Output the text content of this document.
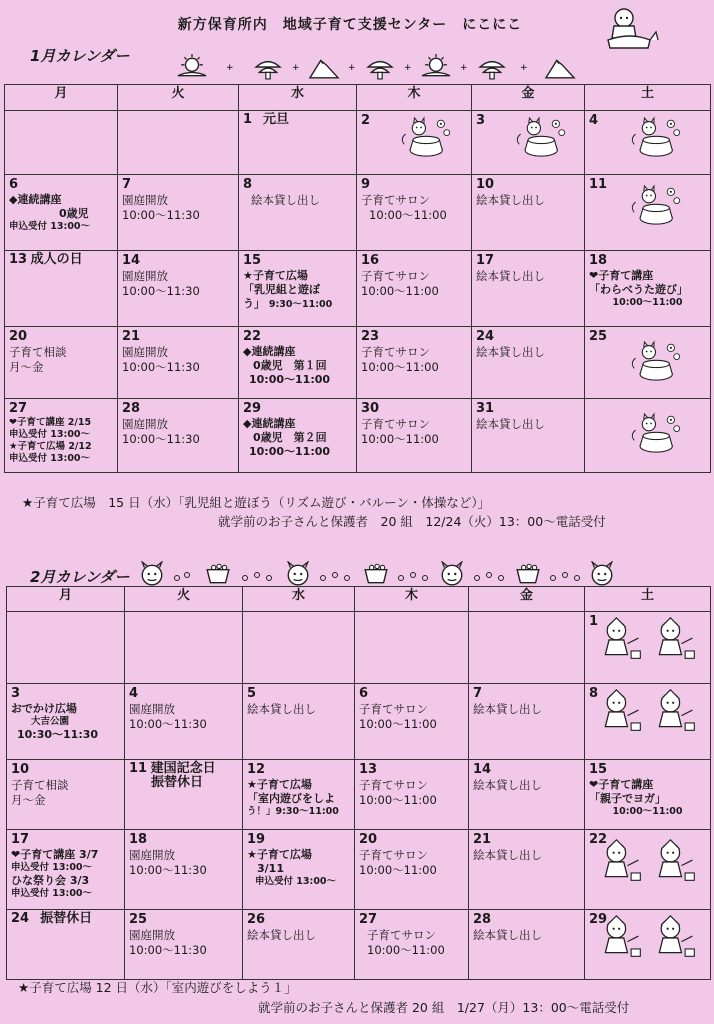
新方保育所内　地域子育て支援センター　にこにこ
1月カレンダー
+	+	+	+	+	+
月	火	水	木	金	土
		1　 元旦	2	3	4

6
◆連続講座
0歳児
申込受付 13:00～	7
園庭開放
10:00～11:30	8
絵本貸し出し	9
子育てサロン
10:00～11:00	10
絵本貸し出し	11

13 成人の日	14
園庭開放
10:00～11:30	15
★子育て広場
「乳児組と遊ぼ
う」 9:30～11:00	16
子育てサロン
10:00～11:00	17
絵本貸し出し	18
❤子育て講座
「わらべうた遊び」
10:00～11:00

20
子育て相談
月～金	21
園庭開放
10:00～11:30	22
◆連続講座
0歳児　第１回
10:00～11:00	23
子育てサロン
10:00～11:00	24
絵本貸し出し	25

27
❤子育て講座 2/15
申込受付 13:00～
★子育て広場 2/12
申込受付 13:00～	28
園庭開放
10:00～11:30	29
◆連続講座
0歳児　第２回
10:00～11:00	30
子育てサロン
10:00～11:00	31
絵本貸し出し

★子育て広場　15 日（水）「乳児組と遊ぼう（リズム遊び・バルーン・体操など）」
就学前のお子さんと保護者　20 組　12/24（火）13：00～電話受付
2月カレンダー
月	火	水	木	金	土

					1

3
おでかけ広場
大吉公園
10:30～11:30	4
園庭開放
10:00～11:30	5
絵本貸し出し	6
子育てサロン
10:00～11:00	7
絵本貸し出し	8

10
子育て相談
月～金	11 建国記念日
振替休日	12
★子育て広場
「室内遊びをしよ
う！」9:30～11:00	13
子育てサロン
10:00～11:00	14
絵本貸し出し	15
❤子育て講座
「親子でヨガ」
10:00～11:00

17
❤子育て講座 3/7
申込受付 13:00～
ひな祭り会 3/3
申込受付 13:00～	18
園庭開放
10:00～11:30	19
★子育て広場
3/11
申込受付 13:00～	20
子育てサロン
10:00～11:00	21
絵本貸し出し	22

24　 振替休日	25
園庭開放
10:00～11:30	26
絵本貸し出し	27
子育てサロン
10:00～11:00	28
絵本貸し出し	29
★子育て広場 12 日（水）「室内遊びをしよう１」
就学前のお子さんと保護者 20 組　1/27（月）13：00～電話受付
